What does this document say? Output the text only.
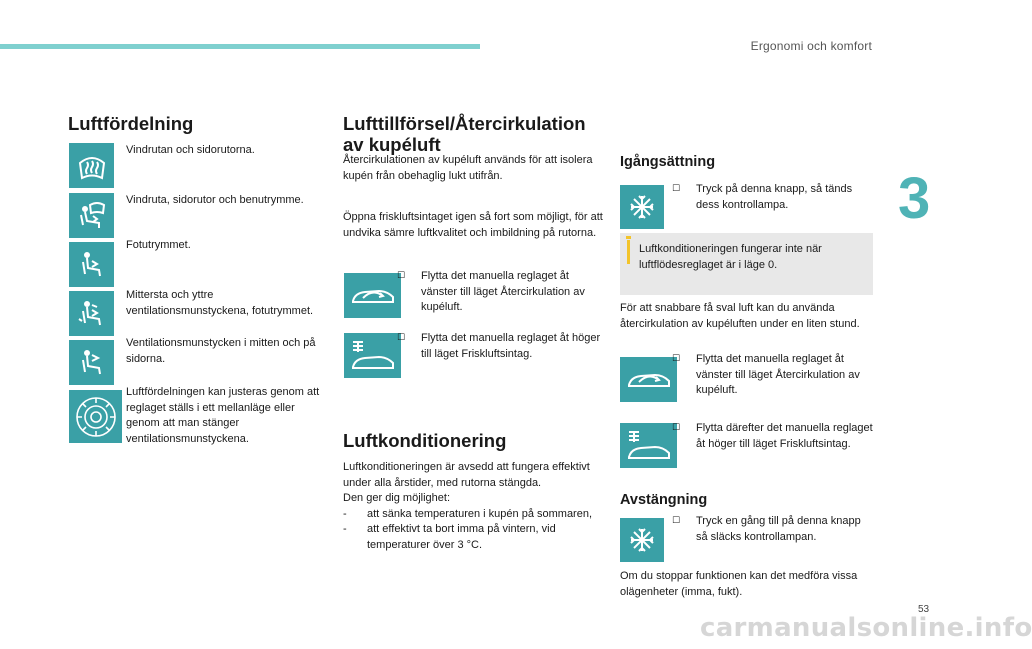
Ergonomi och komfort
3
53
carmanualsonline.info
Luftfördelning
Vindrutan och sidorutorna.
Vindruta, sidorutor och benutrymme.
Fotutrymmet.
Mittersta och yttre ventilationsmunstyckena, fotutrymmet.
Ventilationsmunstycken i mitten och på sidorna.
Luftfördelningen kan justeras genom att reglaget ställs i ett mellanläge eller genom att man stänger ventilationsmunstyckena.
Lufttillförsel/Återcirkulation
av kupéluft
Återcirkulationen av kupéluft används för att isolera kupén från obehaglig lukt utifrån.
Öppna friskluftsintaget igen så fort som möjligt, för att undvika sämre luftkvalitet och imbildning på rutorna.
☐ Flytta det manuella reglaget åt vänster till läget Återcirkulation av kupéluft.
☐ Flytta det manuella reglaget åt höger till läget Friskluftsintag.
Luftkonditionering
Luftkonditioneringen är avsedd att fungera effektivt under alla årstider, med rutorna stängda.
Den ger dig möjlighet:
- att sänka temperaturen i kupén på sommaren,
- att effektivt ta bort imma på vintern, vid temperaturer över 3 °C.
Igångsättning
☐ Tryck på denna knapp, så tänds dess kontrollampa.
Luftkonditioneringen fungerar inte när luftflödesreglaget är i läge 0.
För att snabbare få sval luft kan du använda återcirkulation av kupéluften under en liten stund.
☐ Flytta det manuella reglaget åt vänster till läget Återcirkulation av kupéluft.
☐ Flytta därefter det manuella reglaget åt höger till läget Friskluftsintag.
Avstängning
☐ Tryck en gång till på denna knapp så släcks kontrollampan.
Om du stoppar funktionen kan det medföra vissa olägenheter (imma, fukt).
